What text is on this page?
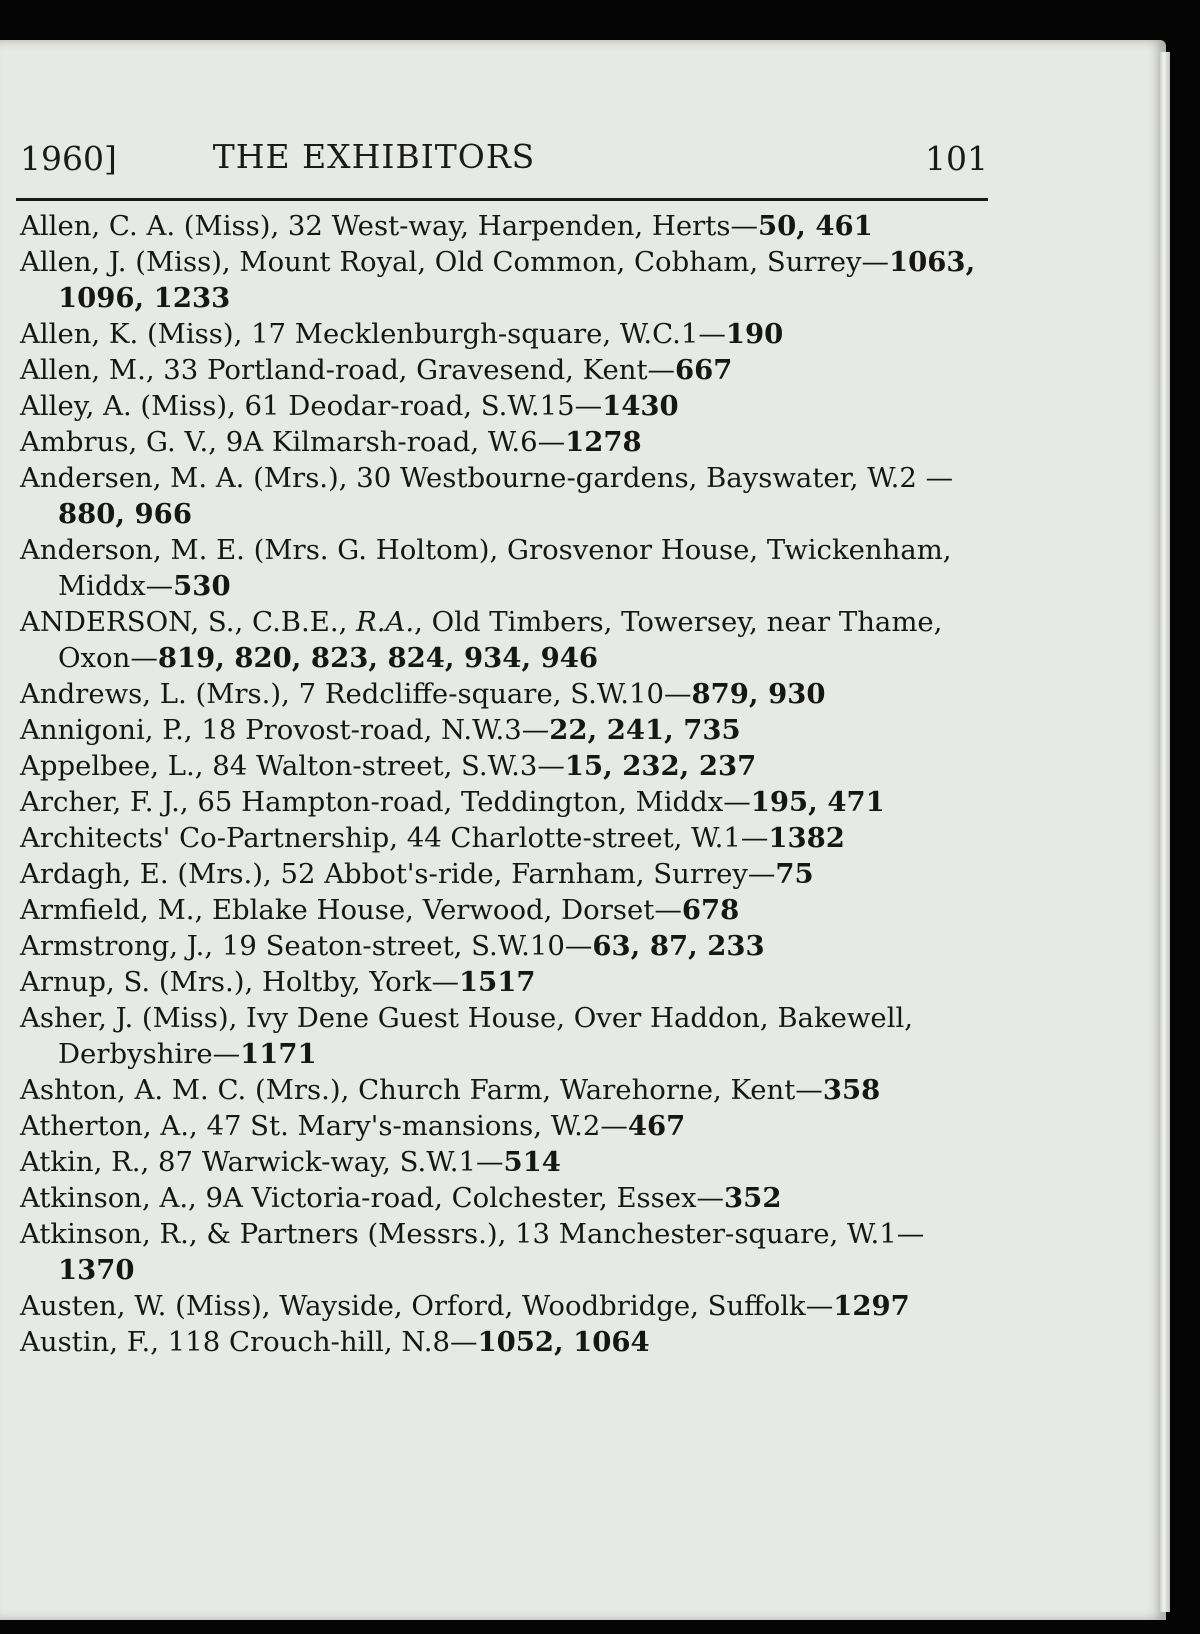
1960]	THE EXHIBITORS	101

Allen, C. A. (Miss), 32 West-way, Harpenden, Herts—50, 461

Allen, J. (Miss), Mount Royal, Old Common, Cobham, Surrey—1063, 1096, 1233

Allen, K. (Miss), 17 Mecklenburgh-square, W.C.1—190

Allen, M., 33 Portland-road, Gravesend, Kent—667

Alley, A. (Miss), 61 Deodar-road, S.W.15—1430

Ambrus, G. V., 9A Kilmarsh-road, W.6—1278

Andersen, M. A. (Mrs.), 30 Westbourne-gardens, Bayswater, W.2 —880, 966

Anderson, M. E. (Mrs. G. Holtom), Grosvenor House, Twickenham, Middx—530

ANDERSON, S., C.B.E., R.A., Old Timbers, Towersey, near Thame, Oxon—819, 820, 823, 824, 934, 946

Andrews, L. (Mrs.), 7 Redcliffe-square, S.W.10—879, 930

Annigoni, P., 18 Provost-road, N.W.3—22, 241, 735

Appelbee, L., 84 Walton-street, S.W.3—15, 232, 237

Archer, F. J., 65 Hampton-road, Teddington, Middx—195, 471

Architects' Co-Partnership, 44 Charlotte-street, W.1—1382

Ardagh, E. (Mrs.), 52 Abbot's-ride, Farnham, Surrey—75

Armfield, M., Eblake House, Verwood, Dorset—678

Armstrong, J., 19 Seaton-street, S.W.10—63, 87, 233

Arnup, S. (Mrs.), Holtby, York—1517

Asher, J. (Miss), Ivy Dene Guest House, Over Haddon, Bakewell, Derbyshire—1171

Ashton, A. M. C. (Mrs.), Church Farm, Warehorne, Kent—358

Atherton, A., 47 St. Mary's-mansions, W.2—467

Atkin, R., 87 Warwick-way, S.W.1—514

Atkinson, A., 9A Victoria-road, Colchester, Essex—352

Atkinson, R., & Partners (Messrs.), 13 Manchester-square, W.1—1370

Austen, W. (Miss), Wayside, Orford, Woodbridge, Suffolk—1297

Austin, F., 118 Crouch-hill, N.8—1052, 1064
